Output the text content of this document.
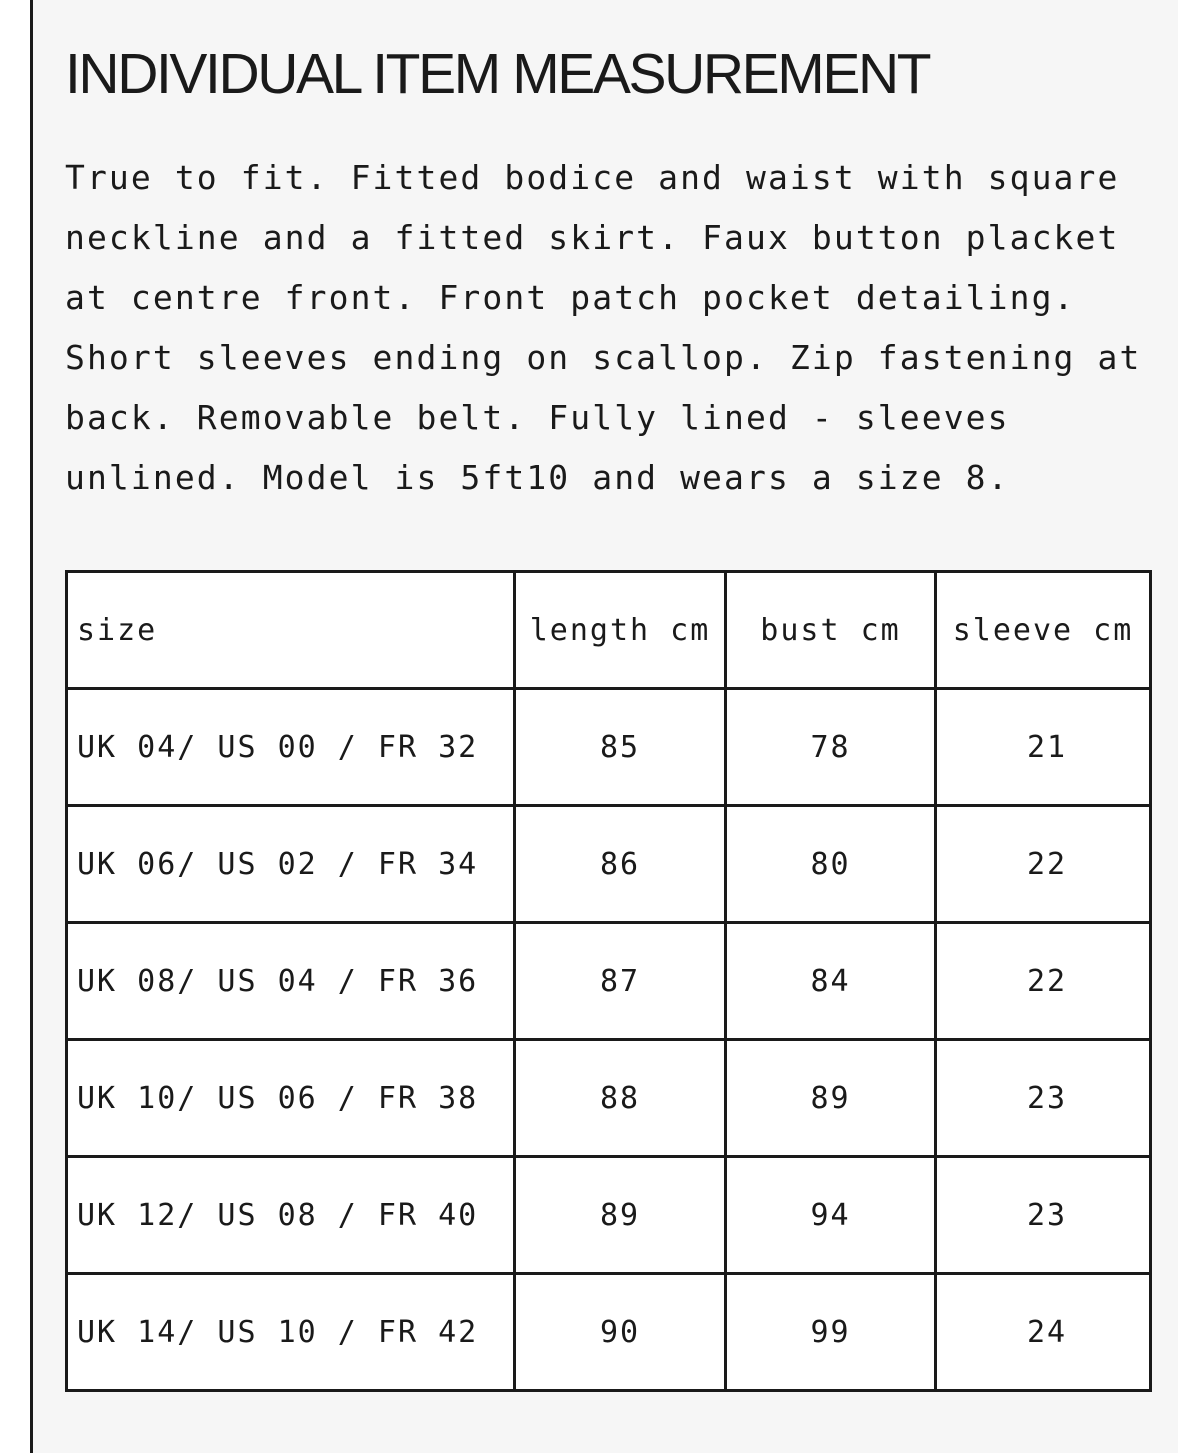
INDIVIDUAL ITEM MEASUREMENT

True to fit. Fitted bodice and waist with square neckline and a fitted skirt. Faux button placket at centre front. Front patch pocket detailing. Short sleeves ending on scallop. Zip fastening at back. Removable belt. Fully lined - sleeves unlined. Model is 5ft10 and wears a size 8.

size	length cm	bust cm	sleeve cm
UK 04/ US 00 / FR 32	85	78	21
UK 06/ US 02 / FR 34	86	80	22
UK 08/ US 04 / FR 36	87	84	22
UK 10/ US 06 / FR 38	88	89	23
UK 12/ US 08 / FR 40	89	94	23
UK 14/ US 10 / FR 42	90	99	24
